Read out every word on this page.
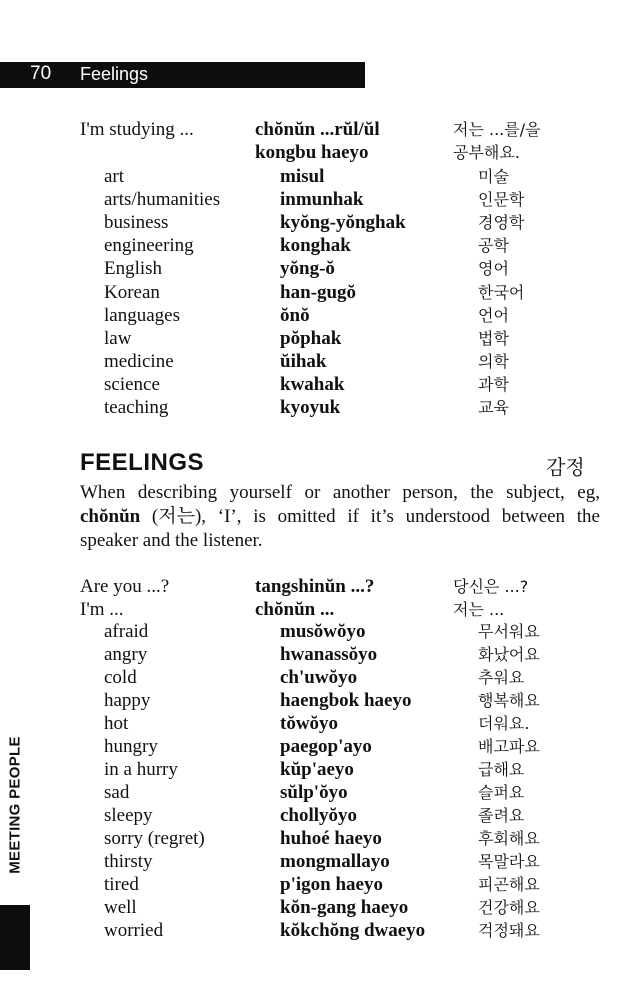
70 Feelings
I'm studying ...	chŏnŭn ...rŭl/ŭl	저는 ...를/을
kongbu haeyo	공부해요.
art	misul	미술
arts/humanities	inmunhak	인문학
business	kyŏng-yŏnghak	경영학
engineering	konghak	공학
English	yŏng-ŏ	영어
Korean	han-gugŏ	한국어
languages	ŏnŏ	언어
law	pŏphak	법학
medicine	ŭihak	의학
science	kwahak	과학
teaching	kyoyuk	교육
FEELINGS	감정
When describing yourself or another person, the subject, eg, chŏnŭn (저는), ‘I’, is omitted if it’s understood between the speaker and the listener.
Are you ...?	tangshinŭn ...?	당신은 ...?
I'm ...	chŏnŭn ...	저는 ...
afraid	musŏwŏyo	무서워요
angry	hwanassŏyo	화났어요
cold	ch'uwŏyo	추워요
happy	haengbok haeyo	행복해요
hot	tŏwŏyo	더워요.
hungry	paegop'ayo	배고파요
in a hurry	kŭp'aeyo	급해요
sad	sŭlp'ŏyo	슬퍼요
sleepy	chollyŏyo	졸려요
sorry (regret)	huhoé haeyo	후회해요
thirsty	mongmallayo	목말라요
tired	p'igon haeyo	피곤해요
well	kŏn-gang haeyo	건강해요
worried	kŏkchŏng dwaeyo	걱정돼요
MEETING PEOPLE
